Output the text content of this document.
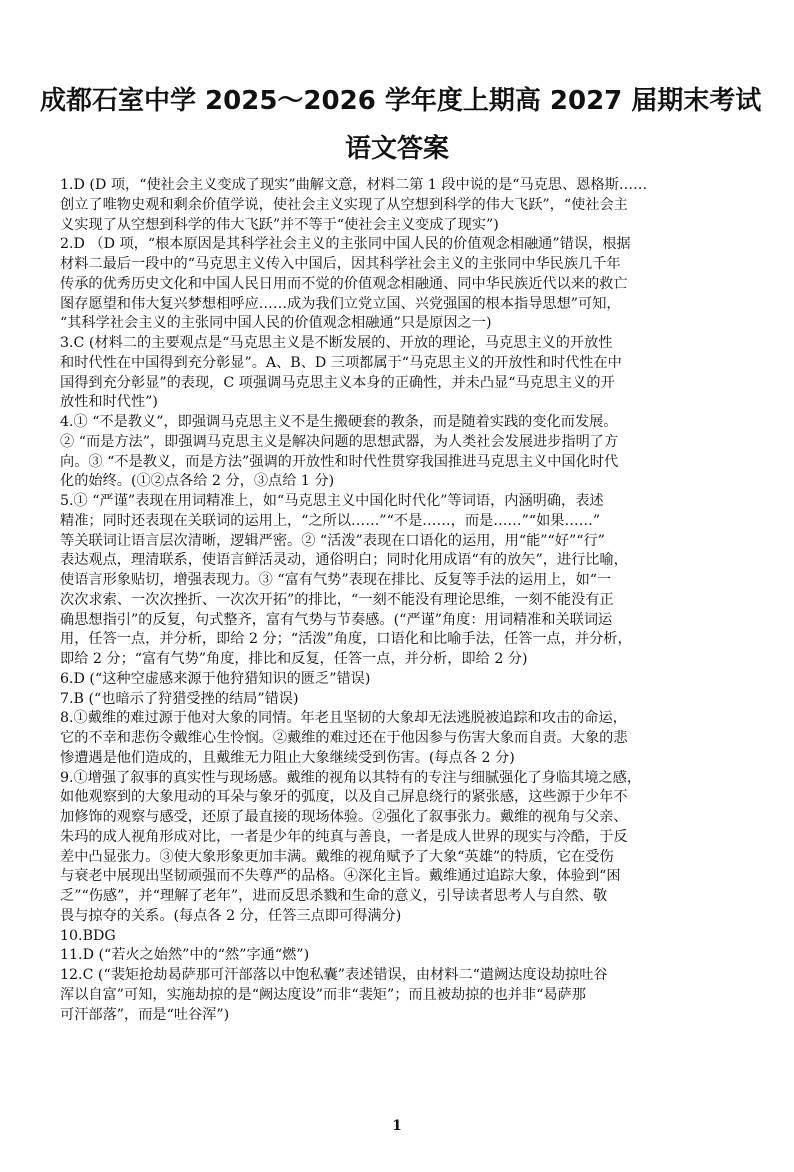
成都石室中学 2025～2026 学年度上期高 2027 届期末考试
语文答案
1.D (D 项，“使社会主义变成了现实”曲解文意，材料二第 1 段中说的是“马克思、恩格斯……
创立了唯物史观和剩余价值学说，使社会主义实现了从空想到科学的伟大飞跃”，“使社会主
义实现了从空想到科学的伟大飞跃”并不等于“使社会主义变成了现实”)
2.D （D 项，“根本原因是其科学社会主义的主张同中国人民的价值观念相融通”错误，根据
材料二最后一段中的“马克思主义传入中国后，因其科学社会主义的主张同中华民族几千年
传承的优秀历史文化和中国人民日用而不觉的价值观念相融通、同中华民族近代以来的救亡
图存愿望和伟大复兴梦想相呼应……成为我们立党立国、兴党强国的根本指导思想”可知，
“其科学社会主义的主张同中国人民的价值观念相融通”只是原因之一)
3.C (材料二的主要观点是“马克思主义是不断发展的、开放的理论，马克思主义的开放性
和时代性在中国得到充分彰显”。A、B、D 三项都属于“马克思主义的开放性和时代性在中
国得到充分彰显”的表现，C 项强调马克思主义本身的正确性，并未凸显“马克思主义的开
放性和时代性”)
4.① “不是教义”，即强调马克思主义不是生搬硬套的教条，而是随着实践的变化而发展。
② “而是方法”，即强调马克思主义是解决问题的思想武器，为人类社会发展进步指明了方
向。③ “不是教义，而是方法”强调的开放性和时代性贯穿我国推进马克思主义中国化时代
化的始终。(①②点各给 2 分，③点给 1 分)
5.① “严谨”表现在用词精准上，如“马克思主义中国化时代化”等词语，内涵明确，表述
精准；同时还表现在关联词的运用上，“之所以……”“不是……，而是……”“如果……”
等关联词让语言层次清晰，逻辑严密。② “活泼”表现在口语化的运用，用“能”“好”“行”
表达观点，理清联系，使语言鲜活灵动，通俗明白；同时化用成语“有的放矢”，进行比喻，
使语言形象贴切，增强表现力。③ “富有气势”表现在排比、反复等手法的运用上，如“一
次次求索、一次次挫折、一次次开拓”的排比，“一刻不能没有理论思维，一刻不能没有正
确思想指引”的反复，句式整齐，富有气势与节奏感。(“严谨”角度：用词精准和关联词运
用，任答一点，并分析，即给 2 分；“活泼”角度，口语化和比喻手法，任答一点，并分析，
即给 2 分；“富有气势”角度，排比和反复，任答一点，并分析，即给 2 分)
6.D (“这种空虚感来源于他狩猎知识的匮乏”错误)
7.B (“也暗示了狩猎受挫的结局”错误)
8.①戴维的难过源于他对大象的同情。年老且坚韧的大象却无法逃脱被追踪和攻击的命运，
它的不幸和悲伤令戴维心生怜悯。②戴维的难过还在于他因参与伤害大象而自责。大象的悲
惨遭遇是他们造成的，且戴维无力阻止大象继续受到伤害。(每点各 2 分)
9.①增强了叙事的真实性与现场感。戴维的视角以其特有的专注与细腻强化了身临其境之感，
如他观察到的大象甩动的耳朵与象牙的弧度，以及自己屏息绕行的紧张感，这些源于少年不
加修饰的观察与感受，还原了最直接的现场体验。②强化了叙事张力。戴维的视角与父亲、
朱玛的成人视角形成对比，一者是少年的纯真与善良，一者是成人世界的现实与冷酷，于反
差中凸显张力。③使大象形象更加丰满。戴维的视角赋予了大象“英雄”的特质，它在受伤
与衰老中展现出坚韧顽强而不失尊严的品格。④深化主旨。戴维通过追踪大象，体验到“困
乏”“伤感”，并“理解了老年”，进而反思杀戮和生命的意义，引导读者思考人与自然、敬
畏与掠夺的关系。(每点各 2 分，任答三点即可得满分)
10.BDG
11.D (“若火之始然”中的“然”字通“燃”)
12.C (“裴矩抢劫曷萨那可汗部落以中饱私囊”表述错误，由材料二“遣阙达度设劫掠吐谷
浑以自富”可知，实施劫掠的是“阙达度设”而非“裴矩”；而且被劫掠的也并非“曷萨那
可汗部落”，而是“吐谷浑”)
1
